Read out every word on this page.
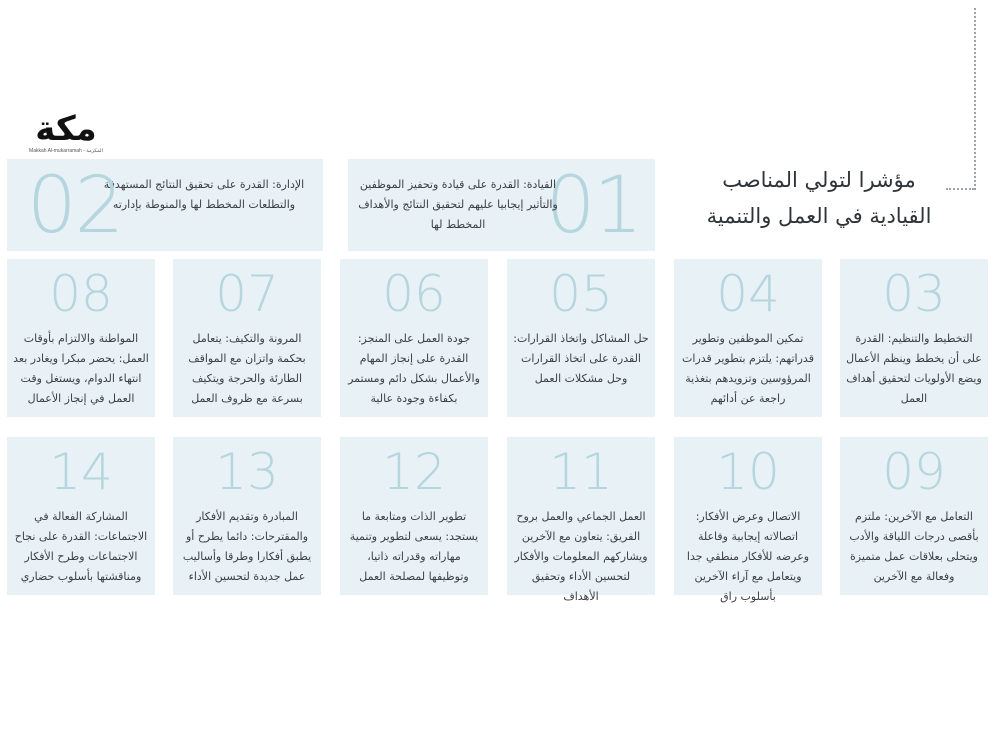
مكة
Makkah Al-mukarramah - المكرمة
مؤشرا لتولي المناصب
القيادية في العمل والتنمية
01
القيادة: القدرة على قيادة وتحفيز الموظفين والتأثير إيجابيا عليهم لتحقيق النتائج والأهداف المخطط لها
الإدارة: القدرة على تحقيق النتائج المستهدفة والتطلعات المخطط لها والمنوطة بإدارته
02
03
التخطيط والتنظيم: القدرة على أن يخطط وينظم الأعمال ويضع الأولويات لتحقيق أهداف العمل
04
تمكين الموظفين وتطوير قدراتهم: يلتزم بتطوير قدرات المرؤوسين وتزويدهم بتغذية راجعة عن أدائهم
05
حل المشاكل واتخاذ القرارات: القدرة على اتخاذ القرارات وحل مشكلات العمل
06
جودة العمل على المنجز: القدرة على إنجاز المهام والأعمال بشكل دائم ومستمر بكفاءة وجودة عالية
07
المرونة والتكيف: يتعامل بحكمة واتزان مع المواقف الطارئة والحرجة ويتكيف بسرعة مع ظروف العمل
08
المواطنة والالتزام بأوقات العمل: يحضر مبكرا ويغادر بعد انتهاء الدوام، ويستغل وقت العمل في إنجاز الأعمال
09
التعامل مع الآخرين: ملتزم بأقصى درجات اللياقة والأدب ويتحلى بعلاقات عمل متميزة وفعالة مع الآخرين
10
الاتصال وعرض الأفكار: اتصالاته إيجابية وفاعلة وعرضه للأفكار منطقي جدا ويتعامل مع آراء الآخرين بأسلوب راق
11
العمل الجماعي والعمل بروح الفريق: يتعاون مع الآخرين ويشاركهم المعلومات والأفكار لتحسين الأداء وتحقيق الأهداف
12
تطوير الذات ومتابعة ما يستجد: يسعى لتطوير وتنمية مهاراته وقدراته ذاتيا، وتوظيفها لمصلحة العمل
13
المبادرة وتقديم الأفكار والمقترحات: دائما يطرح أو يطبق أفكارا وطرقا وأساليب عمل جديدة لتحسين الأداء
14
المشاركة الفعالة في الاجتماعات: القدرة على نجاح الاجتماعات وطرح الأفكار ومناقشتها بأسلوب حضاري
